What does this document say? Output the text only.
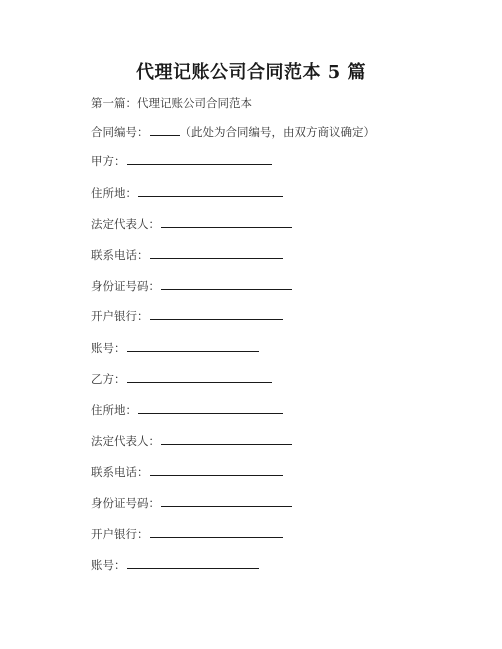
代理记账公司合同范本 5 篇
第一篇：代理记账公司合同范本
合同编号：	（此处为合同编号，由双方商议确定）
甲方：
住所地：
法定代表人：
联系电话：
身份证号码：
开户银行：
账号：
乙方：
住所地：
法定代表人：
联系电话：
身份证号码：
开户银行：
账号：
